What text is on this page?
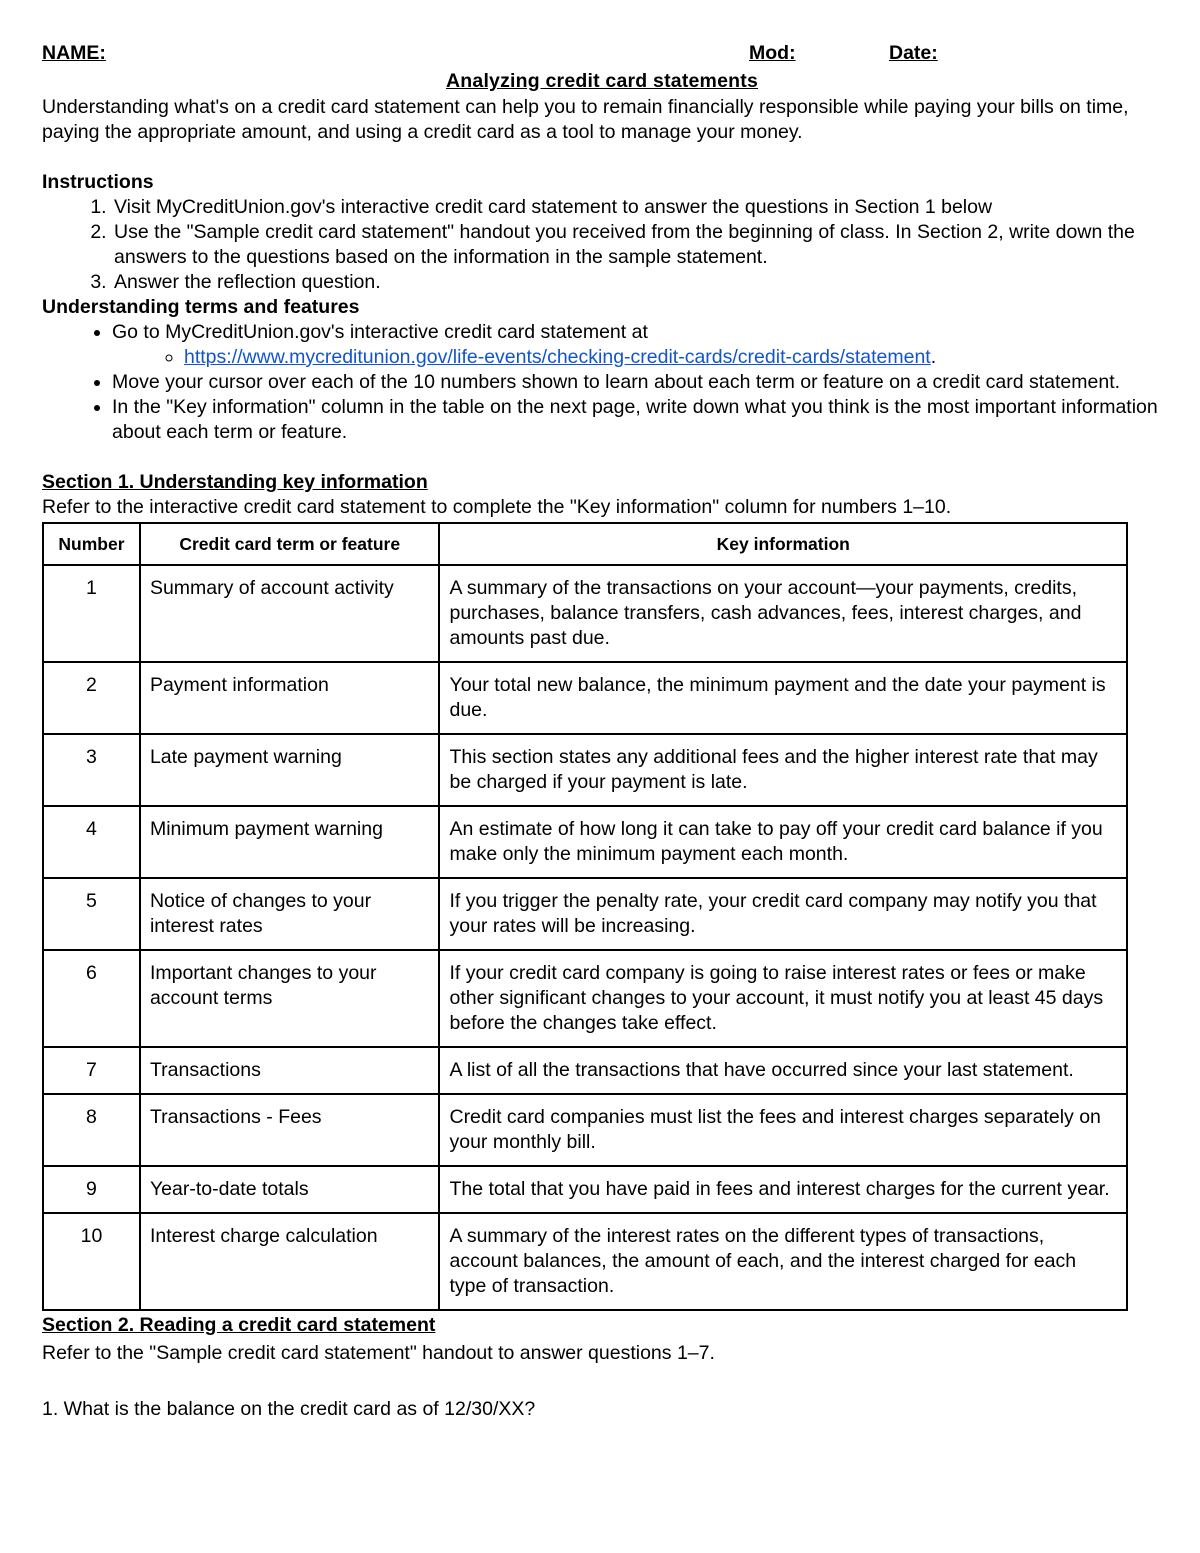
NAME:	Mod:	Date:

Analyzing credit card statements

Understanding what's on a credit card statement can help you to remain financially responsible while paying your bills on time, paying the appropriate amount, and using a credit card as a tool to manage your money.

Instructions

1. Visit MyCreditUnion.gov's interactive credit card statement to answer the questions in Section 1 below
2. Use the "Sample credit card statement" handout you received from the beginning of class. In Section 2, write down the answers to the questions based on the information in the sample statement.
3. Answer the reflection question.

Understanding terms and features

• Go to MyCreditUnion.gov's interactive credit card statement at
◦ https://www.mycreditunion.gov/life-events/checking-credit-cards/credit-cards/statement.
• Move your cursor over each of the 10 numbers shown to learn about each term or feature on a credit card statement.
• In the "Key information" column in the table on the next page, write down what you think is the most important information about each term or feature.

Section 1. Understanding key information

Refer to the interactive credit card statement to complete the "Key information" column for numbers 1–10.

Number	Credit card term or feature	Key information
1	Summary of account activity	A summary of the transactions on your account—your payments, credits, purchases, balance transfers, cash advances, fees, interest charges, and amounts past due.
2	Payment information	Your total new balance, the minimum payment and the date your payment is due.
3	Late payment warning	This section states any additional fees and the higher interest rate that may be charged if your payment is late.
4	Minimum payment warning	An estimate of how long it can take to pay off your credit card balance if you make only the minimum payment each month.
5	Notice of changes to your interest rates	If you trigger the penalty rate, your credit card company may notify you that your rates will be increasing.
6	Important changes to your account terms	If your credit card company is going to raise interest rates or fees or make other significant changes to your account, it must notify you at least 45 days before the changes take effect.
7	Transactions	A list of all the transactions that have occurred since your last statement.
8	Transactions - Fees	Credit card companies must list the fees and interest charges separately on your monthly bill.
9	Year-to-date totals	The total that you have paid in fees and interest charges for the current year.
10	Interest charge calculation	A summary of the interest rates on the different types of transactions, account balances, the amount of each, and the interest charged for each type of transaction.

Section 2. Reading a credit card statement

Refer to the "Sample credit card statement" handout to answer questions 1–7.

1. What is the balance on the credit card as of 12/30/XX?
